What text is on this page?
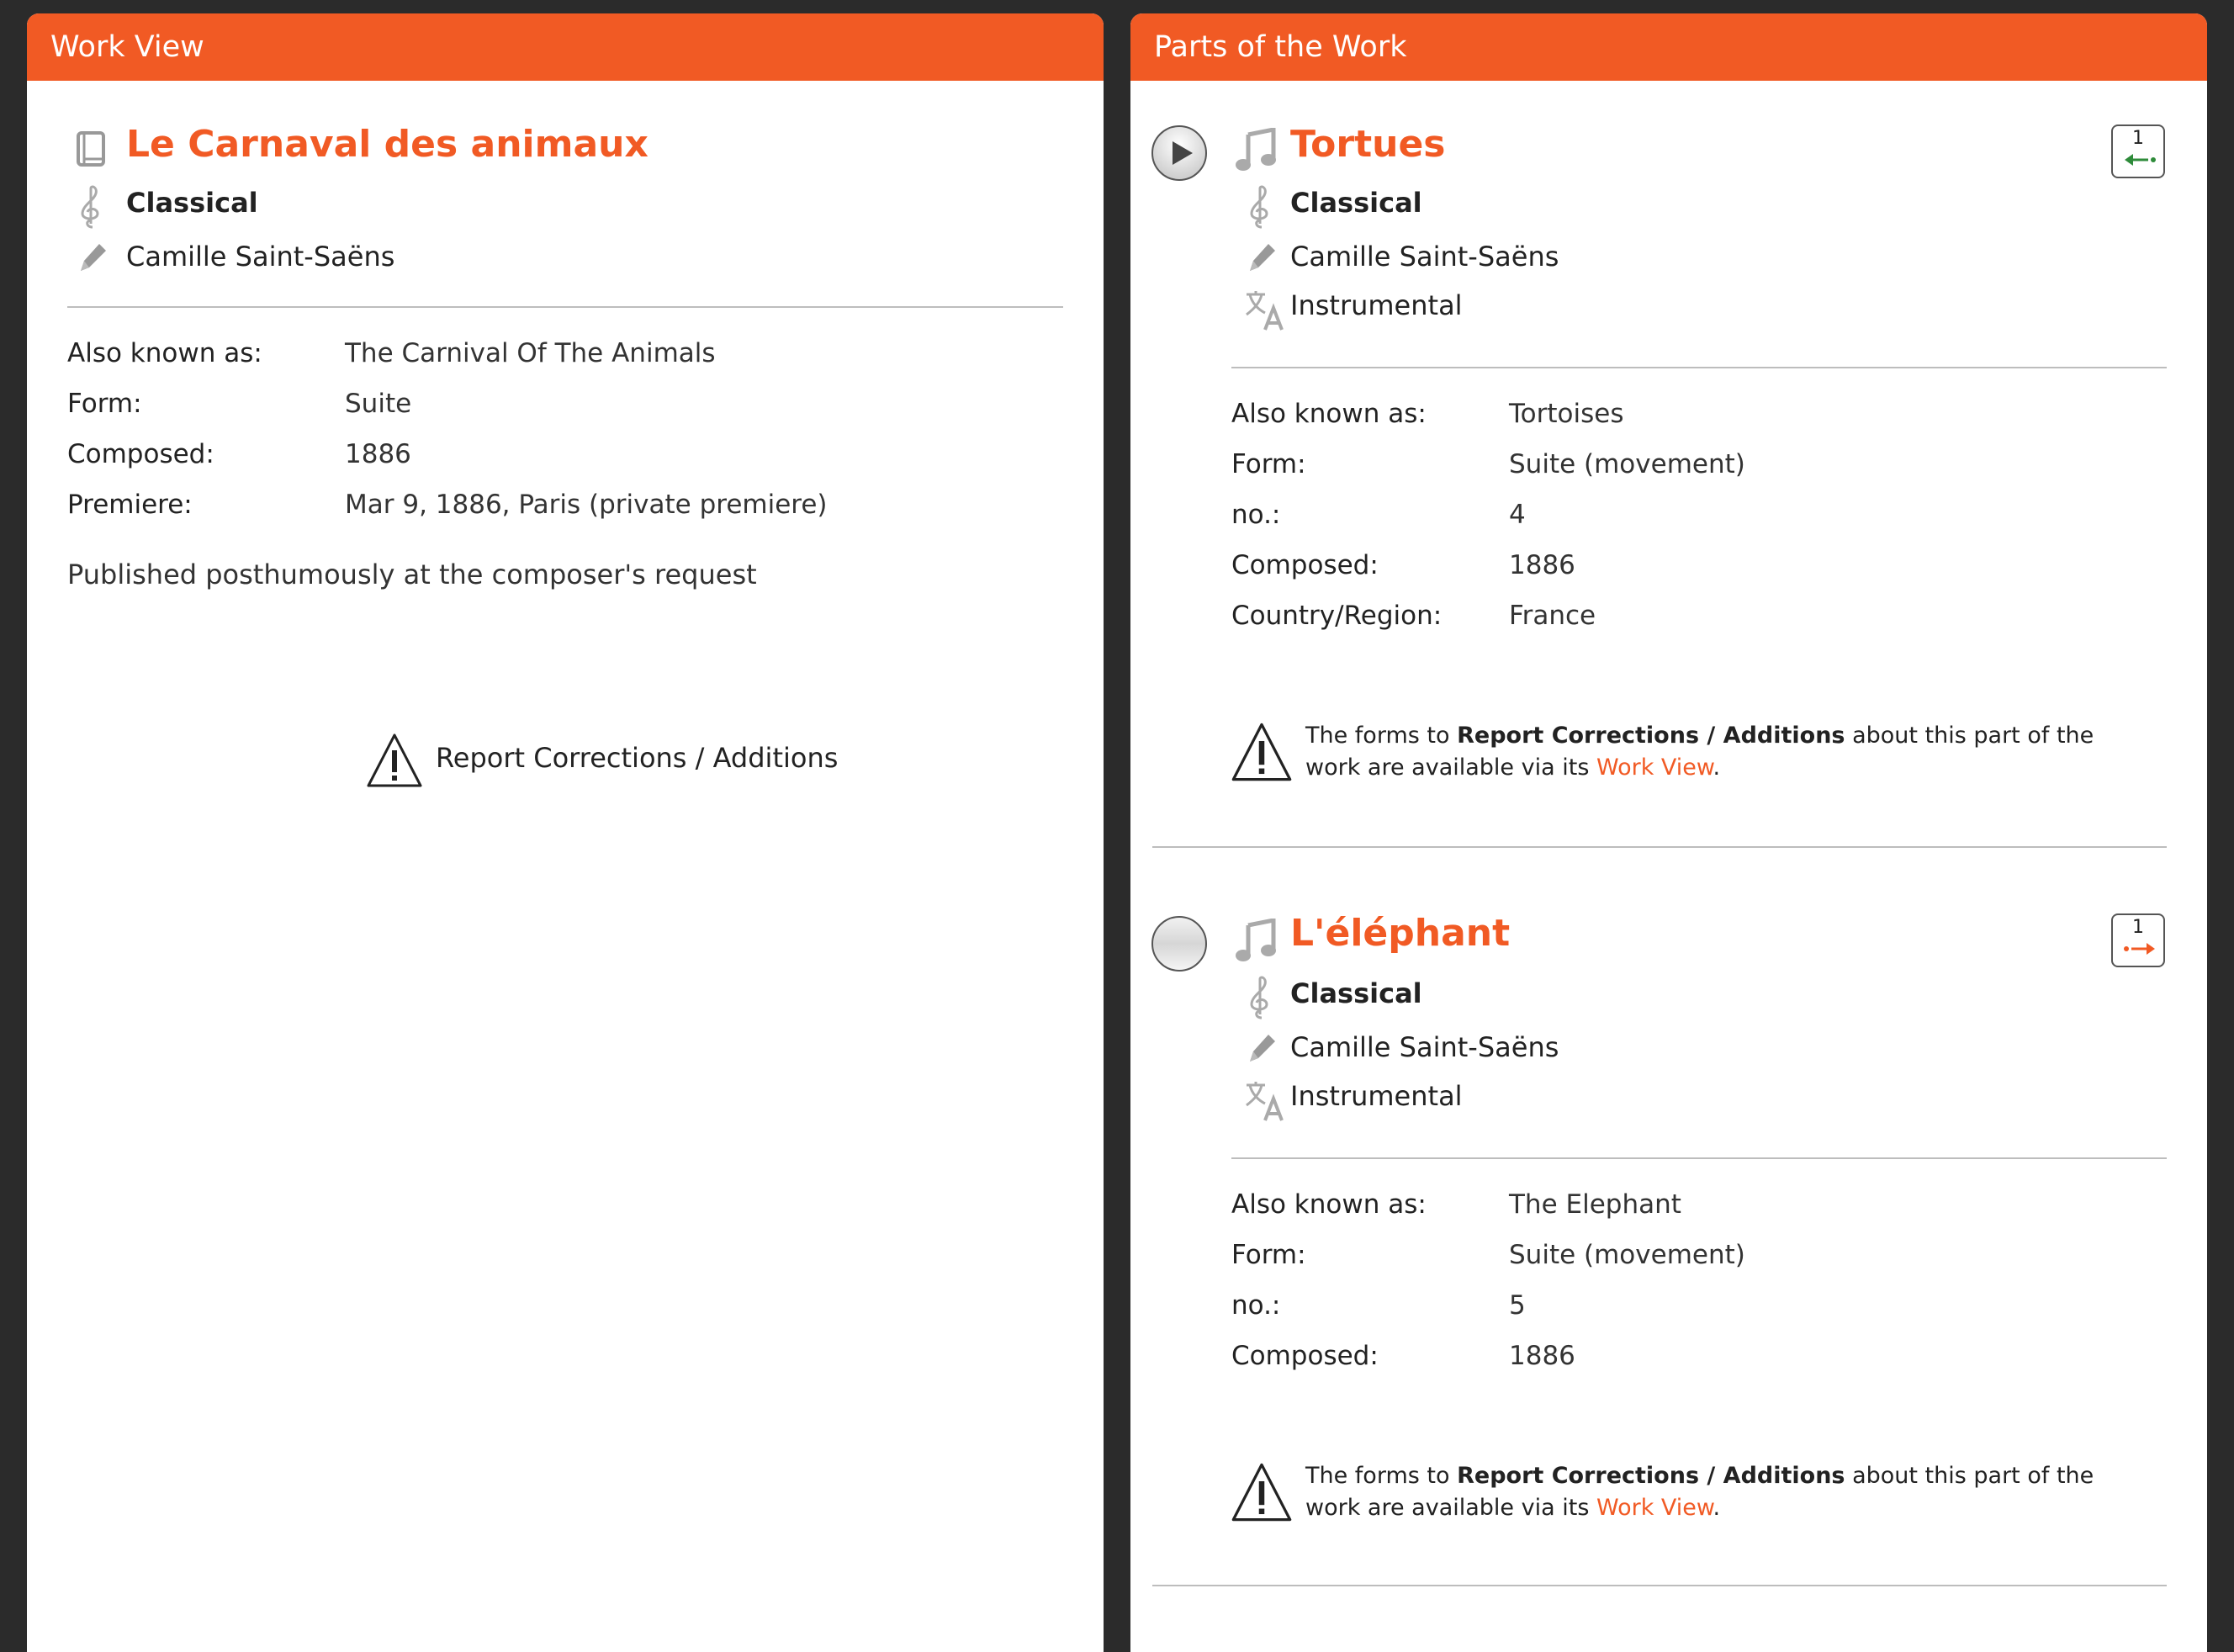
Work View
Le Carnaval des animaux
Classical
Camille Saint-Saëns
Also known as:	The Carnival Of The Animals
Form:	Suite
Composed:	1886
Premiere:	Mar 9, 1886, Paris (private premiere)
Published posthumously at the composer's request
Report Corrections / Additions
Parts of the Work
Tortues	1
Classical
Camille Saint-Saëns
Instrumental
Also known as:	Tortoises
Form:	Suite (movement)
no.:	4
Composed:	1886
Country/Region:	France
The forms to Report Corrections / Additions about this part of the work are available via its Work View.
L'éléphant	1
Classical
Camille Saint-Saëns
Instrumental
Also known as:	The Elephant
Form:	Suite (movement)
no.:	5
Composed:	1886
The forms to Report Corrections / Additions about this part of the work are available via its Work View.
